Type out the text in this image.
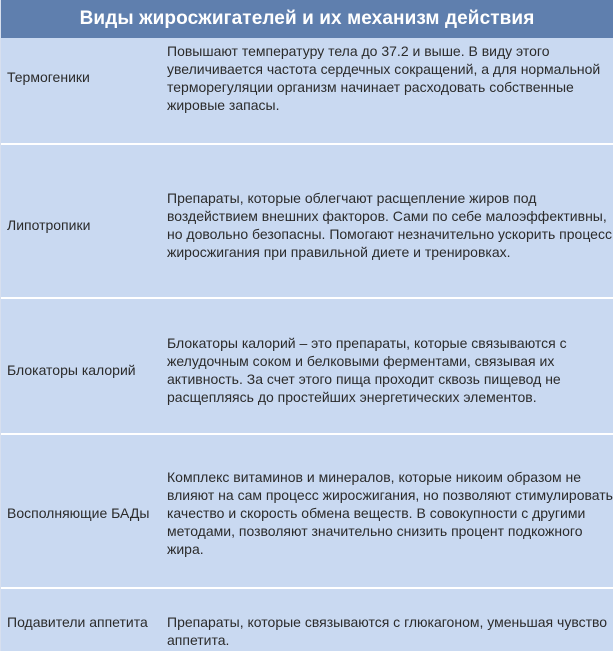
Виды жиросжигателей и их механизм действия
Термогеники
Повышают температуру тела до 37.2 и выше. В виду этого увеличивается частота сердечных сокращений, а для нормальной терморегуляции организм начинает расходовать собственные жировые запасы.
Липотропики
Препараты, которые облегчают расщепление жиров под воздействием внешних факторов. Сами по себе малоэффективны, но довольно безопасны. Помогают незначительно ускорить процесс жиросжигания при правильной диете и тренировках.
Блокаторы калорий
Блокаторы калорий – это препараты, которые связываются с желудочным соком и белковыми ферментами, связывая их активность. За счет этого пища проходит сквозь пищевод не расщепляясь до простейших энергетических элементов.
Восполняющие БАДы
Комплекс витаминов и минералов, которые никоим образом не влияют на сам процесс жиросжигания, но позволяют стимулировать качество и скорость обмена веществ. В совокупности с другими методами, позволяют значительно снизить процент подкожного жира.
Подавители аппетита Препараты, которые связываются с глюкагоном, уменьшая чувство аппетита.
